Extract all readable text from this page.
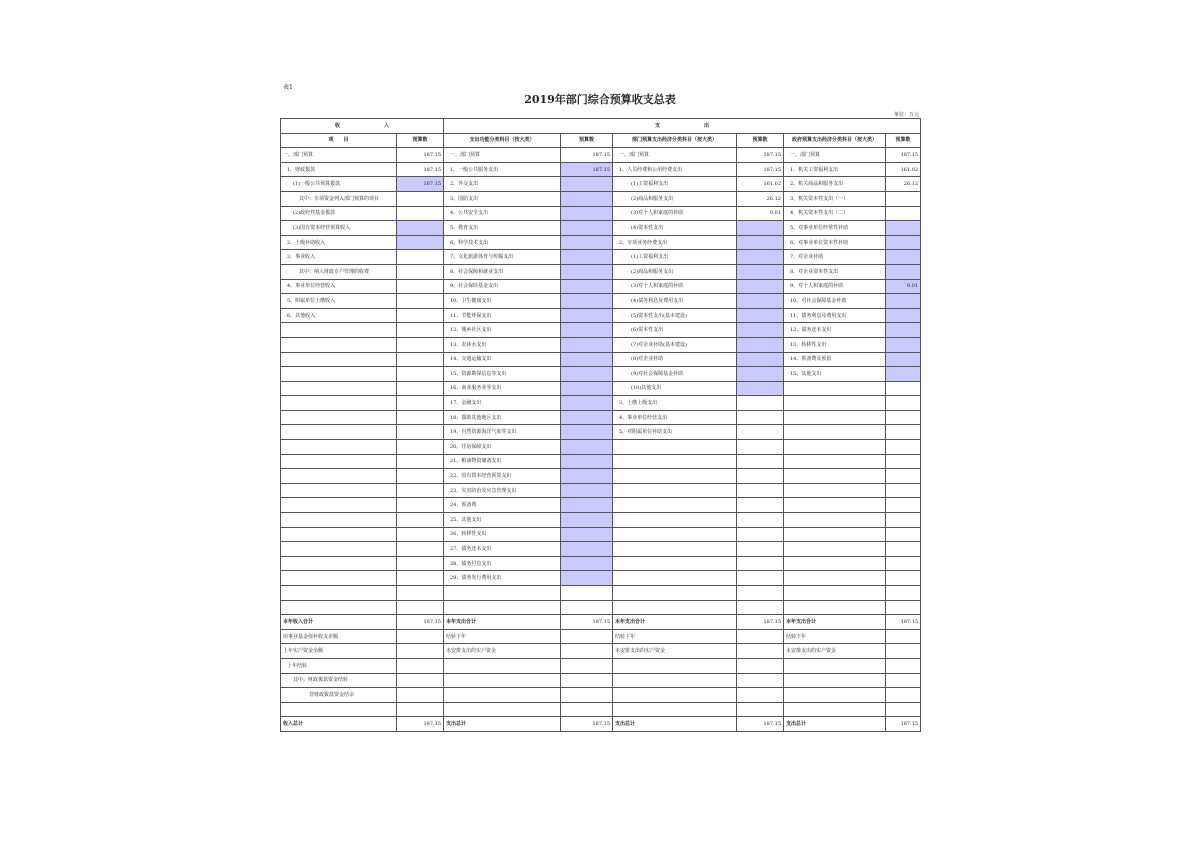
表1
2019年部门综合预算收支总表
单位：万元
收 入		支 出					
项　　目	预算数	支出功能分类科目（按大类）	预算数	部门预算支出经济分类科目（按大类）	预算数	政府预算支出经济分类科目（按大类）	预算数
一、部门预算	187.15	一、部门预算	187.15	一、部门预算	187.15	一、部门预算	187.15
1、财政拨款	187.15	1、一般公共服务支出	187.15	1、人员经费和公用经费支出	187.15	1、机关工资福利支出	161.02
(1)一般公共预算拨款	187.15	2、外交支出		(1)工资福利支出	161.02	2、机关商品和服务支出	26.12
其中：专项资金列入部门预算的项目		3、国防支出		(2)商品和服务支出	26.12	3、机关资本性支出（一）	
(2)政府性基金拨款		4、公共安全支出		(3)对个人和家庭的补助	0.01	4、机关资本性支出（二）	
(3)国有资本经营预算收入		5、教育支出		(4)资本性支出		5、对事业单位经常性补助	
2、上级补助收入		6、科学技术支出		2、专项业务经费支出		6、对事业单位资本性补助	
3、事业收入		7、文化旅游体育与传媒支出		(1)工资福利支出		7、对企业补助	
其中：纳入财政专户管理的收费		8、社会保障和就业支出		(2)商品和服务支出		8、对企业资本性支出	
4、事业单位经营收入		9、社会保险基金支出		(3)对个人和家庭的补助		9、对个人和家庭的补助	0.01
5、附属单位上缴收入		10、卫生健康支出		(4)债务利息及费用支出		10、对社会保障基金补助	
6、其他收入		11、节能环保支出		(5)资本性支出(基本建设)		11、债务利息及费用支出	
		12、城乡社区支出		(6)资本性支出		12、债务还本支出	
		13、农林水支出		(7)对企业补助(基本建设)		13、转移性支出	
		14、交通运输支出		(8)对企业补助		14、预备费及预留	
		15、资源勘探信息等支出		(9)对社会保障基金补助		15、其他支出	
		16、商业服务业等支出		(10)其他支出			
		17、金融支出		3、上缴上级支出			
		18、援助其他地区支出		4、事业单位经营支出			
		19、自然资源海洋气象等支出		5、对附属单位补助支出			
		20、住房保障支出					
		21、粮油物资储备支出					
		22、国有资本经营预算支出					
		23、灾害防治及应急管理支出					
		24、预备费					
		25、其他支出					
		26、转移性支出					
		27、债务还本支出					
		28、债务付息支出					
		29、债务发行费用支出					

本年收入合计	187.15	本年支出合计	187.15	本年支出合计	187.15	本年支出合计	187.15
用事业基金弥补收支差额		结转下年		结转下年		结转下年	
上年实户资金余额		未安排支出的实户资金		未安排支出的实户资金		未安排支出的实户资金	
上年结转							
其中：财政拨款资金结转							
非财政拨款资金结余							

收入总计	187.15	支出总计	187.15	支出总计	187.15	支出总计	187.15
